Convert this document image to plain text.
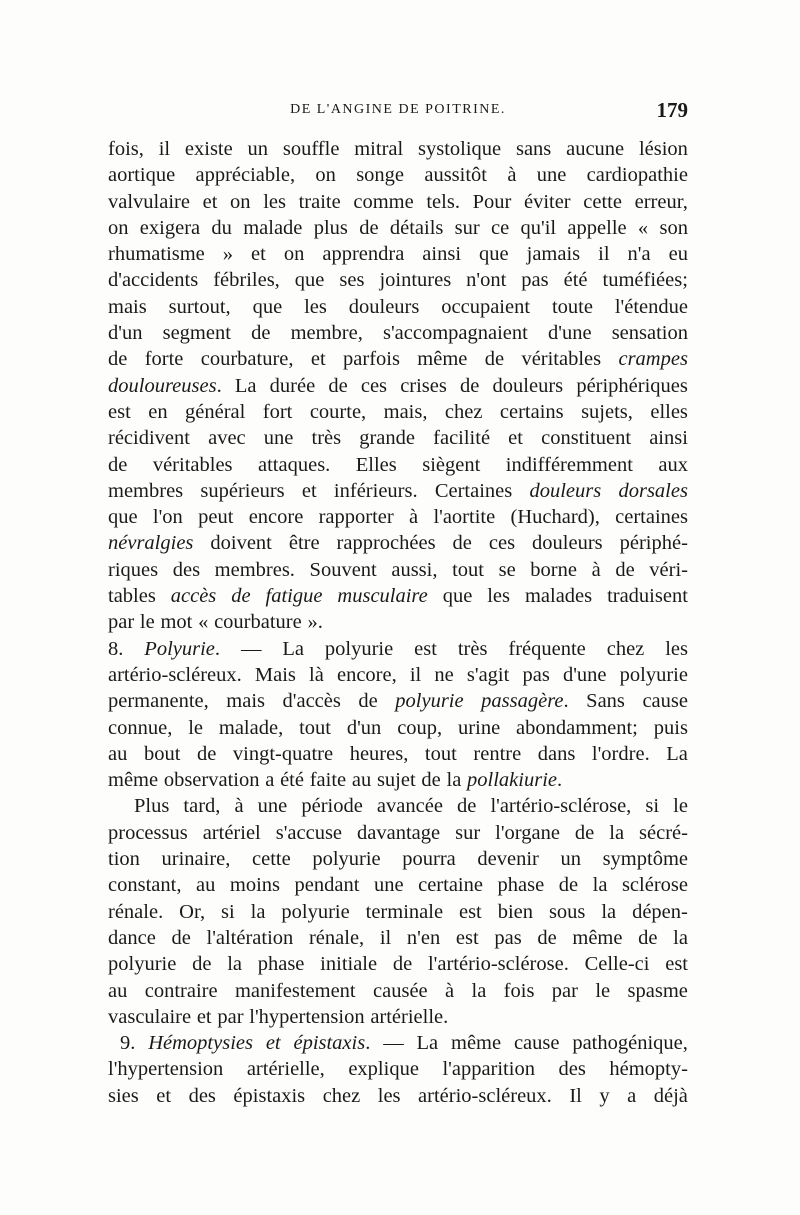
DE L'ANGINE DE POITRINE.	179
fois, il existe un souffle mitral systolique sans aucune lésion
aortique appréciable, on songe aussitôt à une cardiopathie
valvulaire et on les traite comme tels. Pour éviter cette erreur,
on exigera du malade plus de détails sur ce qu'il appelle « son
rhumatisme » et on apprendra ainsi que jamais il n'a eu
d'accidents fébriles, que ses jointures n'ont pas été tuméfiées;
mais surtout, que les douleurs occupaient toute l'étendue
d'un segment de membre, s'accompagnaient d'une sensation
de forte courbature, et parfois même de véritables crampes
douloureuses. La durée de ces crises de douleurs périphériques
est en général fort courte, mais, chez certains sujets, elles
récidivent avec une très grande facilité et constituent ainsi
de véritables attaques. Elles siègent indifféremment aux
membres supérieurs et inférieurs. Certaines douleurs dorsales
que l'on peut encore rapporter à l'aortite (Huchard), certaines
névralgies doivent être rapprochées de ces douleurs périphé-
riques des membres. Souvent aussi, tout se borne à de véri-
tables accès de fatigue musculaire que les malades traduisent
par le mot « courbature ».
8. Polyurie. — La polyurie est très fréquente chez les
artério-scléreux. Mais là encore, il ne s'agit pas d'une polyurie
permanente, mais d'accès de polyurie passagère. Sans cause
connue, le malade, tout d'un coup, urine abondamment; puis
au bout de vingt-quatre heures, tout rentre dans l'ordre. La
même observation a été faite au sujet de la pollakiurie.
Plus tard, à une période avancée de l'artério-sclérose, si le
processus artériel s'accuse davantage sur l'organe de la sécré-
tion urinaire, cette polyurie pourra devenir un symptôme
constant, au moins pendant une certaine phase de la sclérose
rénale. Or, si la polyurie terminale est bien sous la dépen-
dance de l'altération rénale, il n'en est pas de même de la
polyurie de la phase initiale de l'artério-sclérose. Celle-ci est
au contraire manifestement causée à la fois par le spasme
vasculaire et par l'hypertension artérielle.
9. Hémoptysies et épistaxis. — La même cause pathogénique,
l'hypertension artérielle, explique l'apparition des hémopty-
sies et des épistaxis chez les artério-scléreux. Il y a déjà
